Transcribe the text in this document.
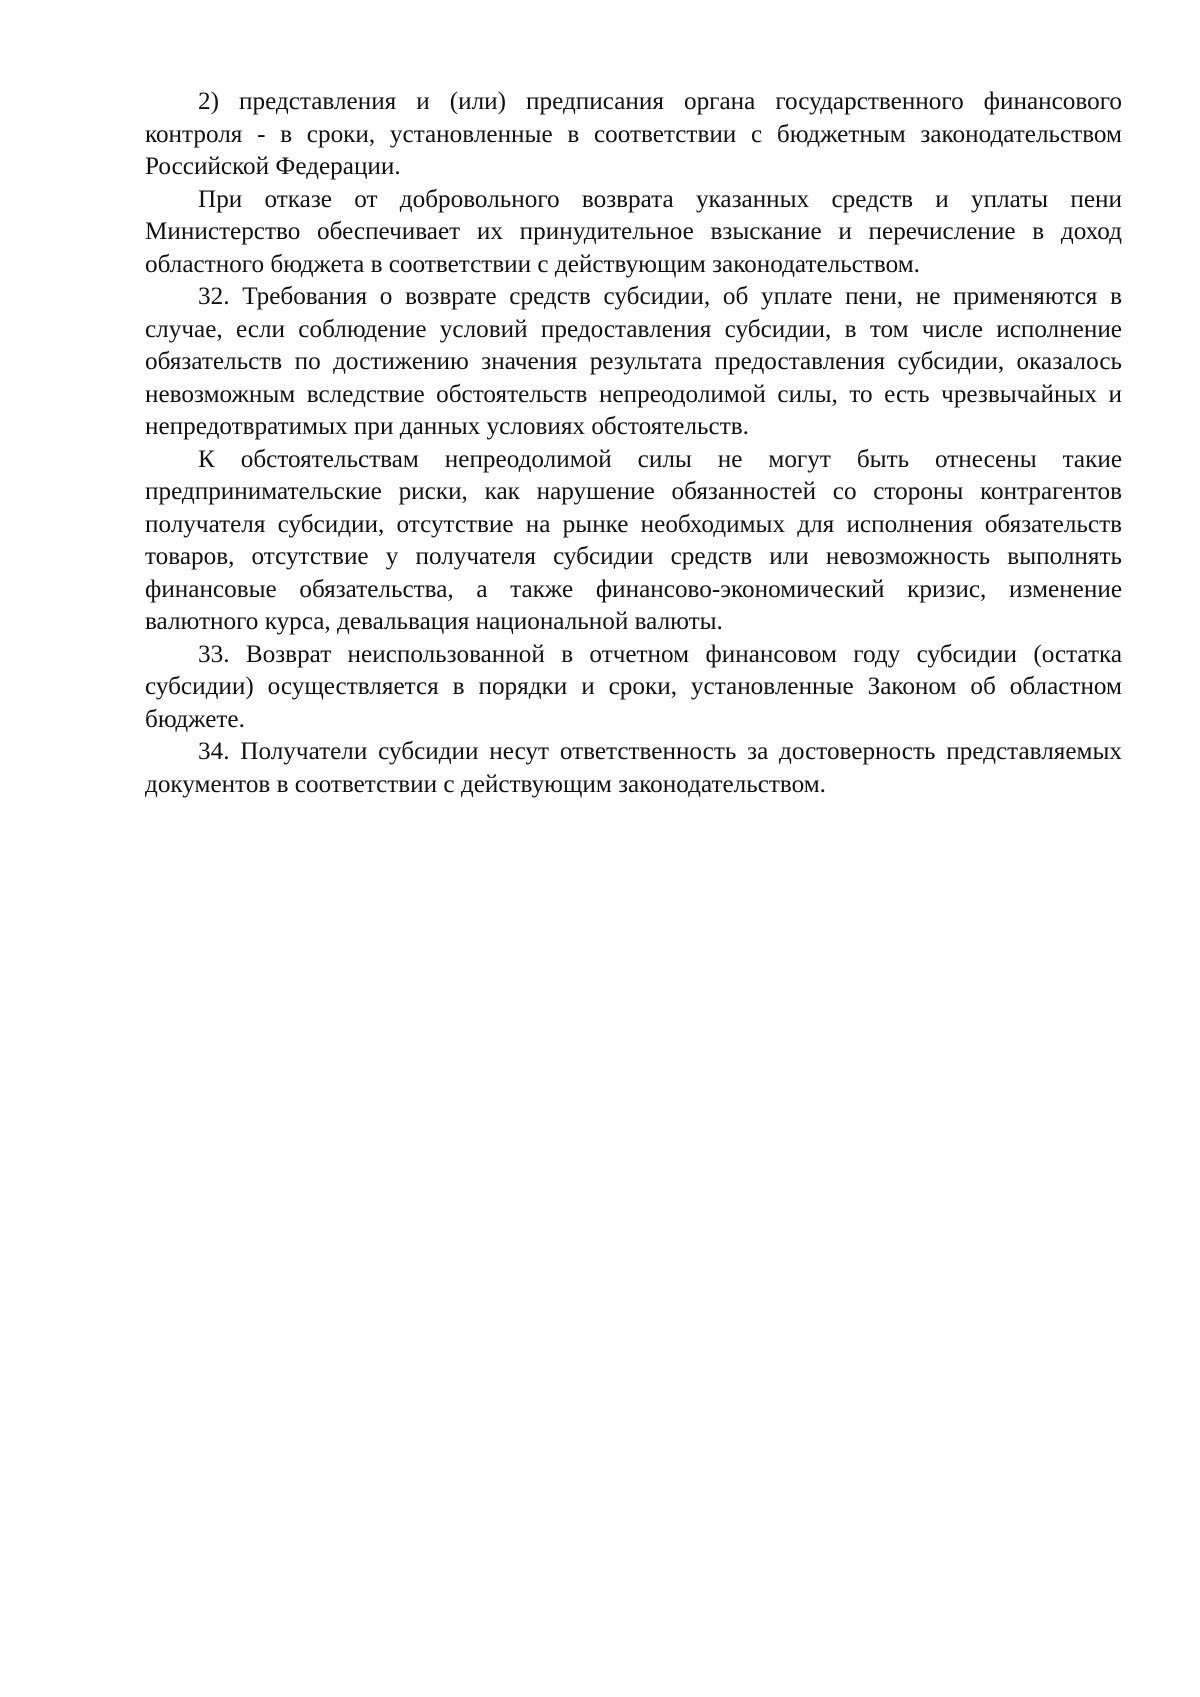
2) представления и (или) предписания органа государственного финансового контроля - в сроки, установленные в соответствии с бюджетным законодательством Российской Федерации.

При отказе от добровольного возврата указанных средств и уплаты пени Министерство обеспечивает их принудительное взыскание и перечисление в доход областного бюджета в соответствии с действующим законодательством.

32. Требования о возврате средств субсидии, об уплате пени, не применяются в случае, если соблюдение условий предоставления субсидии, в том числе исполнение обязательств по достижению значения результата предоставления субсидии, оказалось невозможным вследствие обстоятельств непреодолимой силы, то есть чрезвычайных и непредотвратимых при данных условиях обстоятельств.

К обстоятельствам непреодолимой силы не могут быть отнесены такие предпринимательские риски, как нарушение обязанностей со стороны контрагентов получателя субсидии, отсутствие на рынке необходимых для исполнения обязательств товаров, отсутствие у получателя субсидии средств или невозможность выполнять финансовые обязательства, а также финансово-экономический кризис, изменение валютного курса, девальвация национальной валюты.

33. Возврат неиспользованной в отчетном финансовом году субсидии (остатка субсидии) осуществляется в порядки и сроки, установленные Законом об областном бюджете.

34. Получатели субсидии несут ответственность за достоверность представляемых документов в соответствии с действующим законодательством.
